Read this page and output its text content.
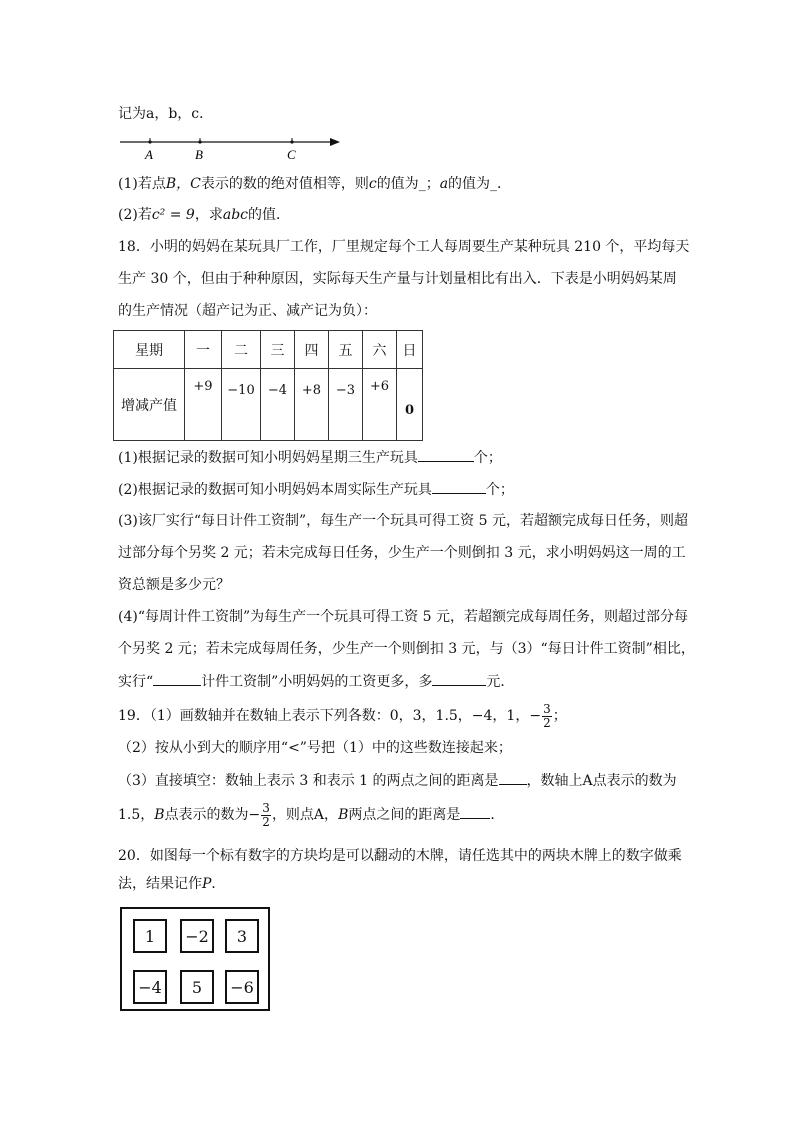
记为a，b，c．
A	B	C
(1)若点B，C表示的数的绝对值相等，则c的值为_；a的值为_．
(2)若c² = 9，求abc的值．
18．小明的妈妈在某玩具厂工作，厂里规定每个工人每周要生产某种玩具 210 个，平均每天
生产 30 个，但由于种种原因，实际每天生产量与计划量相比有出入．下表是小明妈妈某周
的生产情况（超产记为正、减产记为负）：
星期	一	二	三	四	五	六	日
增减产值	+9	−10	−4	+8	−3	+6	0
(1)根据记录的数据可知小明妈妈星期三生产玩具	个；
(2)根据记录的数据可知小明妈妈本周实际生产玩具	个；
(3)该厂实行“每日计件工资制”，每生产一个玩具可得工资 5 元，若超额完成每日任务，则超
过部分每个另奖 2 元；若未完成每日任务，少生产一个则倒扣 3 元，求小明妈妈这一周的工
资总额是多少元？
(4)“每周计件工资制”为每生产一个玩具可得工资 5 元，若超额完成每周任务，则超过部分每
个另奖 2 元；若未完成每周任务，少生产一个则倒扣 3 元，与（3）“每日计件工资制”相比，
实行“	计件工资制”小明妈妈的工资更多，多	元．
19．（1）画数轴并在数轴上表示下列各数：0，3，1.5，−4，1，− $\frac{3}{2}$ ；
（2）按从小到大的顺序用“<”号把（1）中的这些数连接起来；
（3）直接填空：数轴上表示 3 和表示 1 的两点之间的距离是 ，数轴上A点表示的数为
1.5，B点表示的数为− $\frac{3}{2}$ ，则点A，B两点之间的距离是 ．
20．如图每一个标有数字的方块均是可以翻动的木牌，请任选其中的两块木牌上的数字做乘
法，结果记作P．
1	−2	3
−4	5	−6
